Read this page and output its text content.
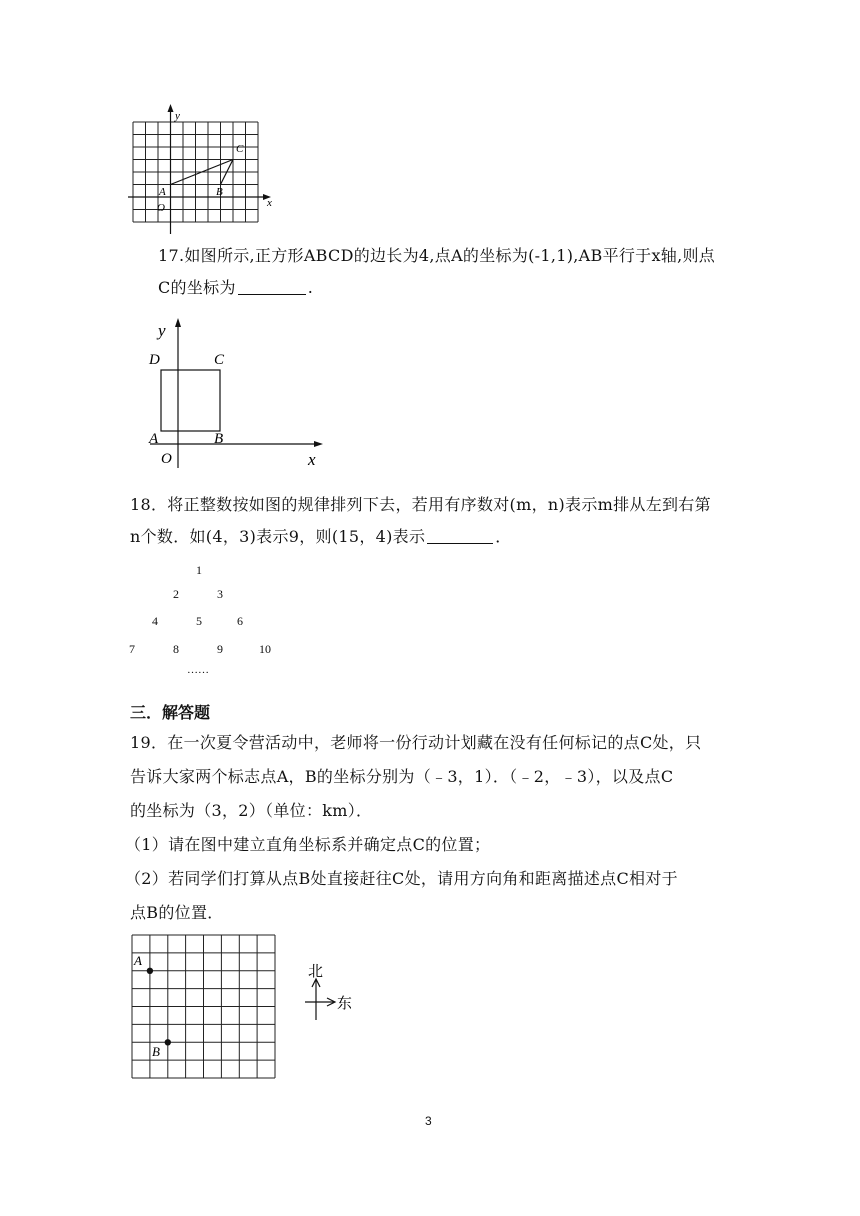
y
x
A
O
B
C
17.如图所示,正方形ABCD的边长为4,点A的坐标为(-1,1),AB平行于x轴,则点
C的坐标为	.
y
x
D	C
A	B
O
18．将正整数按如图的规律排列下去，若用有序数对(m，n)表示m排从左到右第
n个数．如(4，3)表示9，则(15，4)表示	．
1
2	3
4	5	6
7	8	9	10
……
三．解答题
19．在一次夏令营活动中，老师将一份行动计划藏在没有任何标记的点C处，只
告诉大家两个标志点A，B的坐标分别为（﹣3，1）．（﹣2，﹣3），以及点C
的坐标为（3，2）（单位：km）．
（1）请在图中建立直角坐标系并确定点C的位置；
（2）若同学们打算从点B处直接赶往C处，请用方向角和距离描述点C相对于
点B的位置．
A
B
北
东
3
